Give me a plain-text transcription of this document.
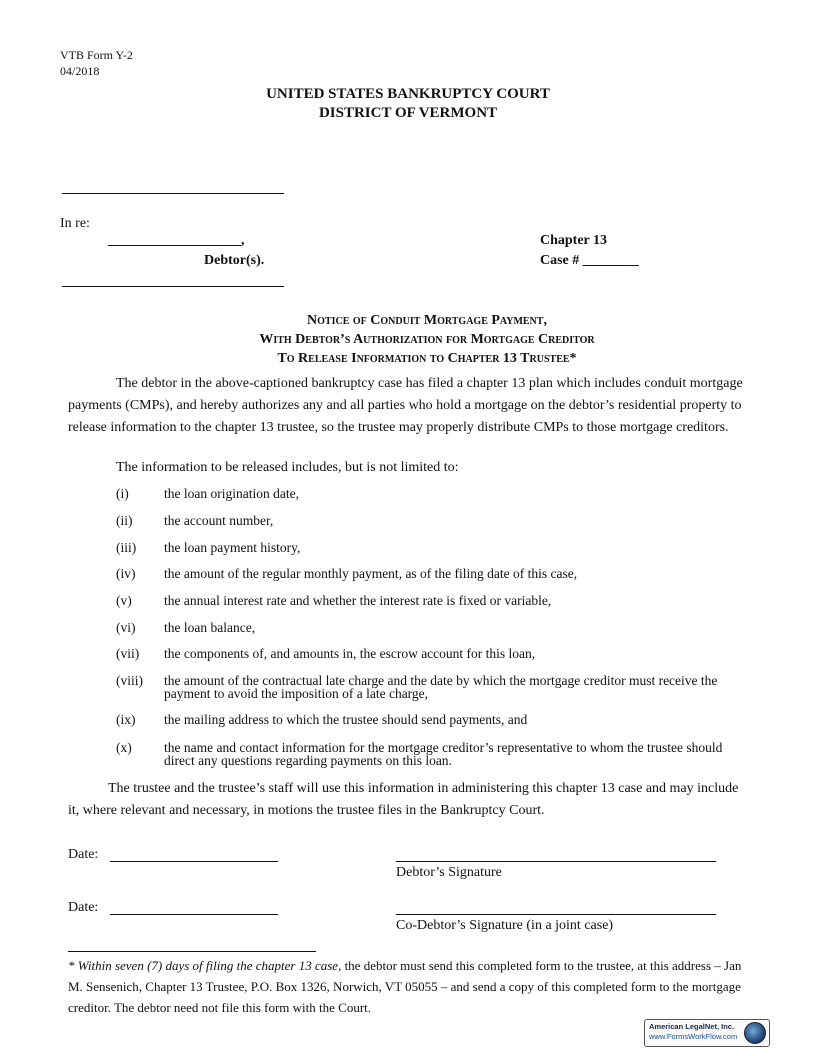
VTB Form Y-2
04/2018
UNITED STATES BANKRUPTCY COURT
DISTRICT OF VERMONT
In re:
___________________,
Debtor(s).
Chapter 13
Case # ________
Notice of Conduit Mortgage Payment,
With Debtor’s Authorization for Mortgage Creditor
To Release Information to Chapter 13 Trustee*
The debtor in the above-captioned bankruptcy case has filed a chapter 13 plan which includes conduit mortgage payments (CMPs), and hereby authorizes any and all parties who hold a mortgage on the debtor’s residential property to release information to the chapter 13 trustee, so the trustee may properly distribute CMPs to those mortgage creditors.
The information to be released includes, but is not limited to:
(i)	the loan origination date,
(ii) the account number,
(iii) the loan payment history,
(iv) the amount of the regular monthly payment, as of the filing date of this case,
(v) the annual interest rate and whether the interest rate is fixed or variable,
(vi) the loan balance,
(vii) the components of, and amounts in, the escrow account for this loan,
(viii) the amount of the contractual late charge and the date by which the mortgage creditor must receive the payment to avoid the imposition of a late charge,
(ix) the mailing address to which the trustee should send payments, and
(x) the name and contact information for the mortgage creditor’s representative to whom the trustee should direct any questions regarding payments on this loan.
The trustee and the trustee’s staff will use this information in administering this chapter 13 case and may include it, where relevant and necessary, in motions the trustee files in the Bankruptcy Court.
Date:
Debtor’s Signature
Date:
Co-Debtor’s Signature (in a joint case)
* Within seven (7) days of filing the chapter 13 case, the debtor must send this completed form to the trustee, at this address – Jan M. Sensenich, Chapter 13 Trustee, P.O. Box 1326, Norwich, VT 05055 – and send a copy of this completed form to the mortgage creditor. The debtor need not file this form with the Court.
American LegalNet, Inc.
www.FormsWorkFlow.com
